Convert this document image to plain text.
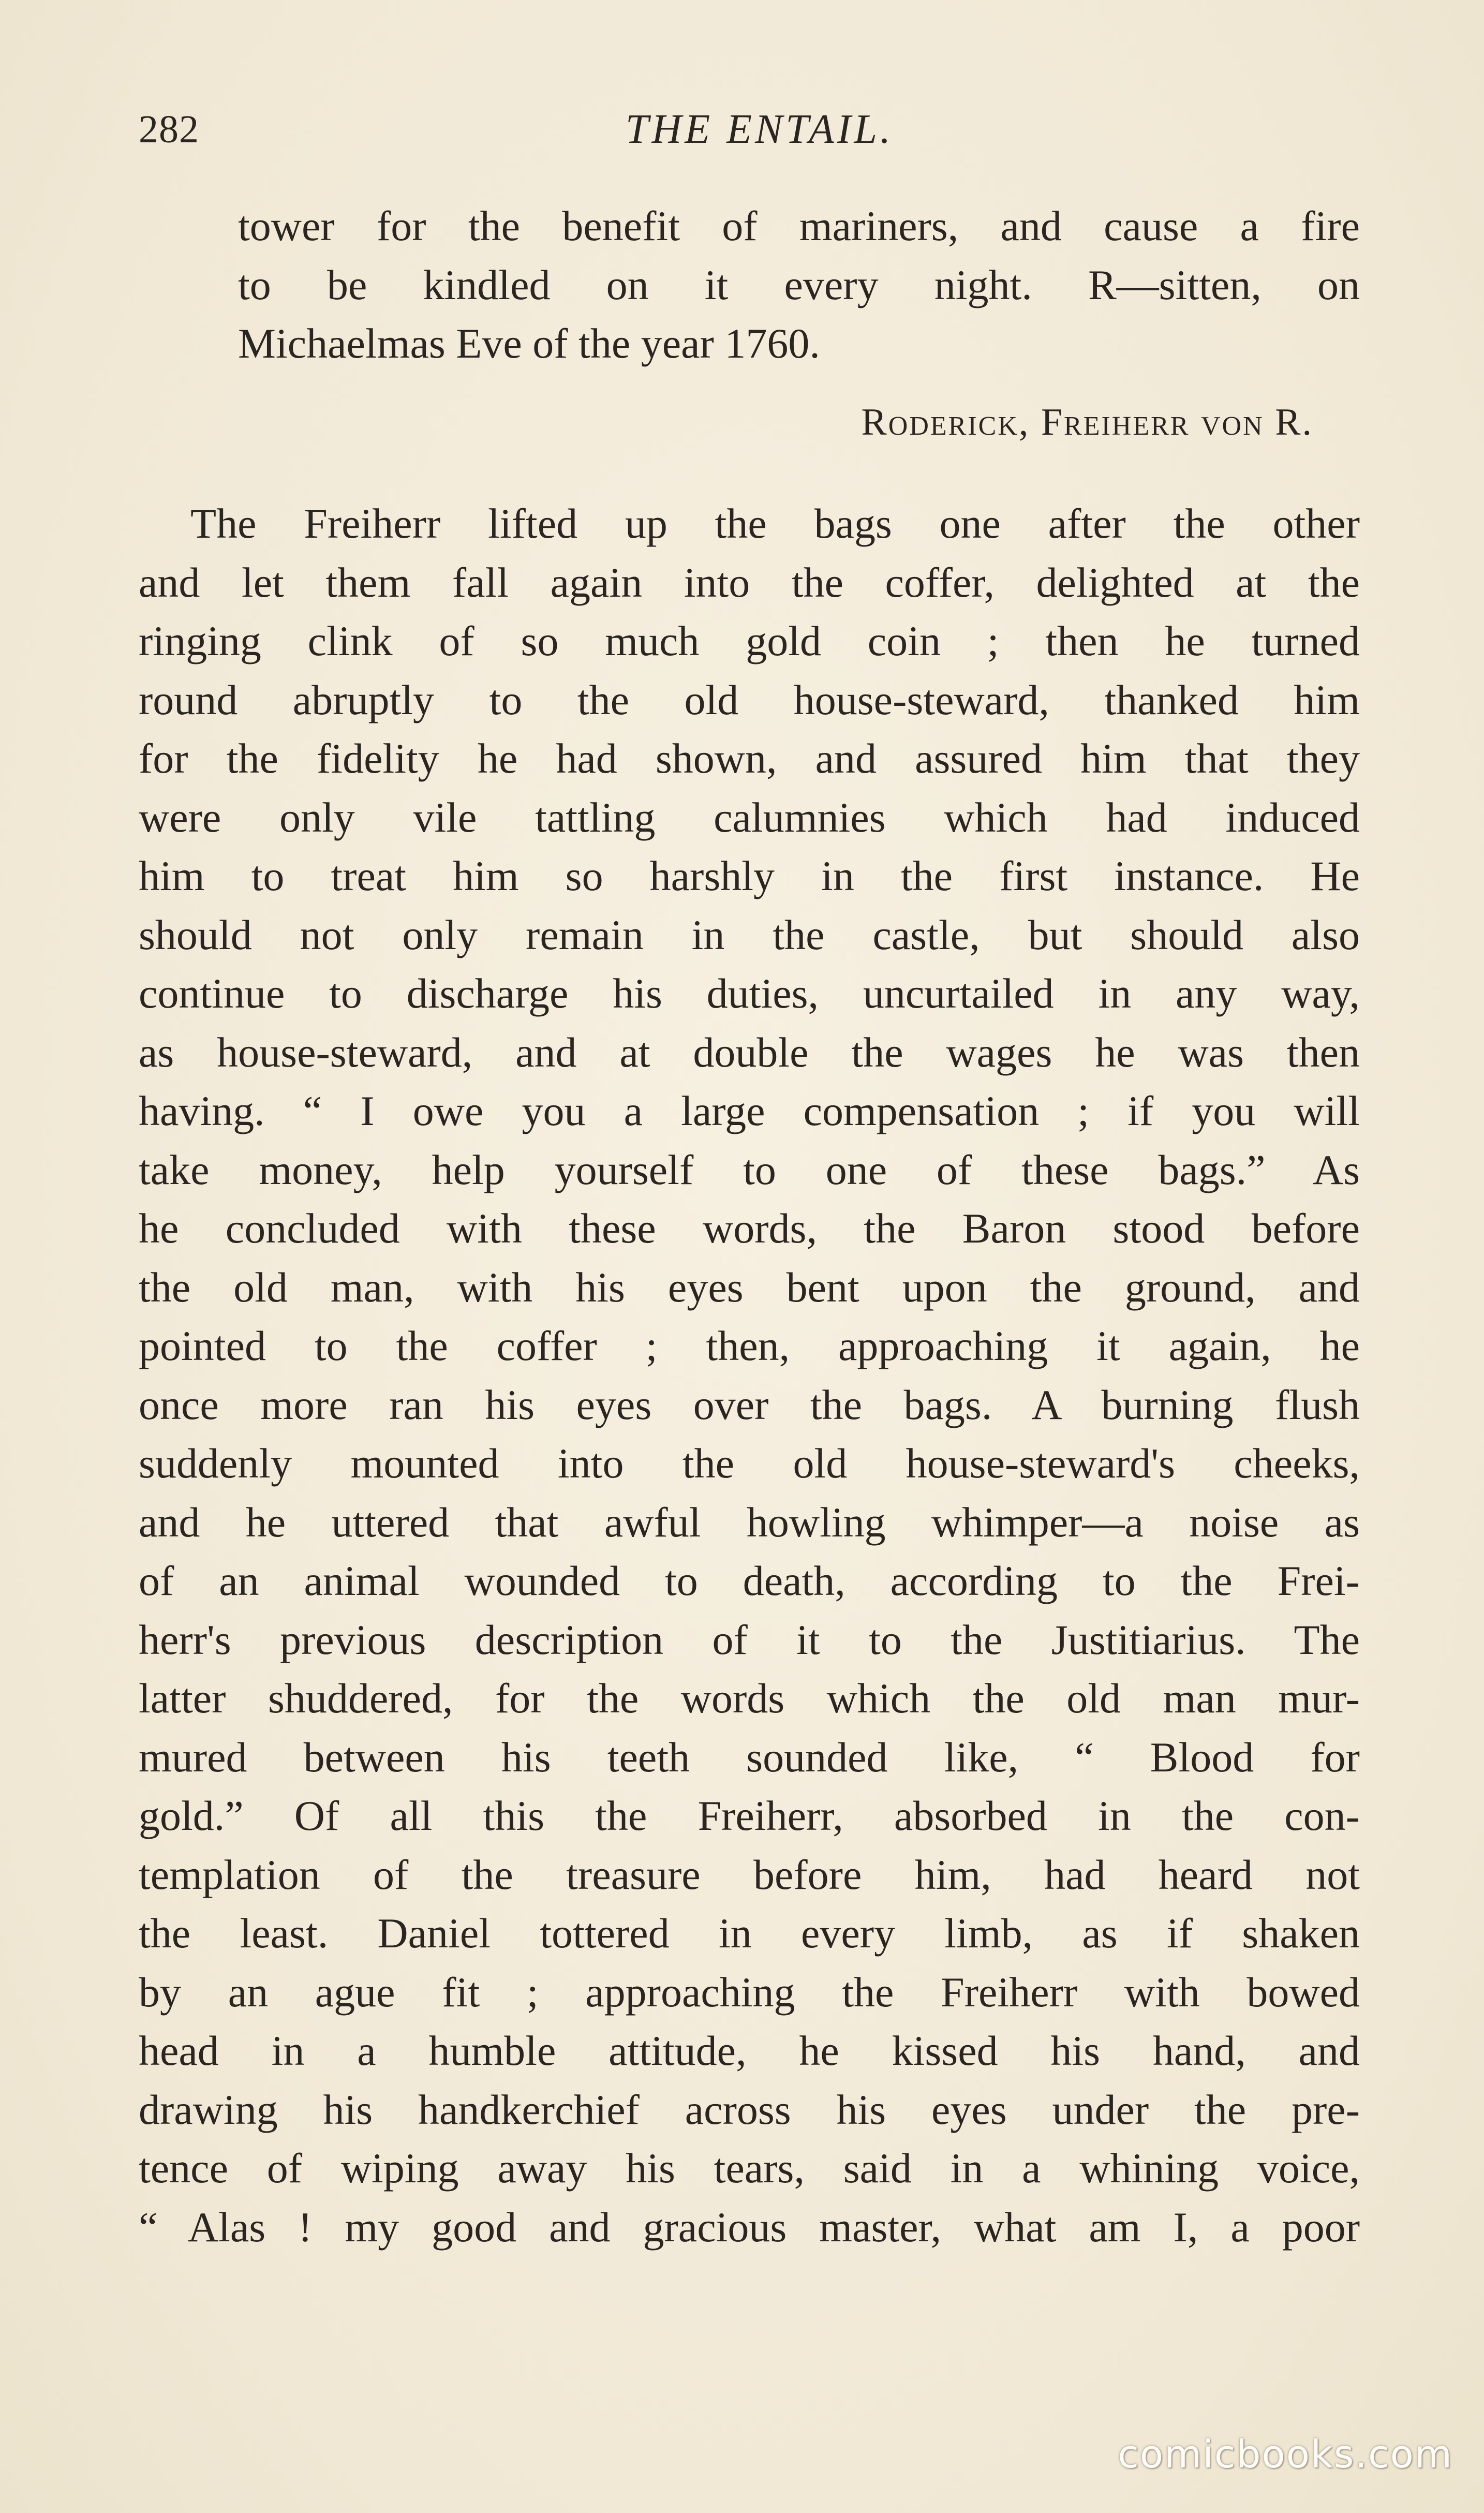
282	THE ENTAIL.
tower for the benefit of mariners, and cause a fire
to be kindled on it every night. R—sitten, on
Michaelmas Eve of the year 1760.
Roderick, Freiherr von R.
The Freiherr lifted up the bags one after the other
and let them fall again into the coffer, delighted at the
ringing clink of so much gold coin ; then he turned
round abruptly to the old house-steward, thanked him
for the fidelity he had shown, and assured him that they
were only vile tattling calumnies which had induced
him to treat him so harshly in the first instance. He
should not only remain in the castle, but should also
continue to discharge his duties, uncurtailed in any way,
as house-steward, and at double the wages he was then
having. “ I owe you a large compensation ; if you will
take money, help yourself to one of these bags.” As
he concluded with these words, the Baron stood before
the old man, with his eyes bent upon the ground, and
pointed to the coffer ; then, approaching it again, he
once more ran his eyes over the bags. A burning flush
suddenly mounted into the old house-steward's cheeks,
and he uttered that awful howling whimper—a noise as
of an animal wounded to death, according to the Frei-
herr's previous description of it to the Justitiarius. The
latter shuddered, for the words which the old man mur-
mured between his teeth sounded like, “ Blood for
gold.” Of all this the Freiherr, absorbed in the con-
templation of the treasure before him, had heard not
the least. Daniel tottered in every limb, as if shaken
by an ague fit ; approaching the Freiherr with bowed
head in a humble attitude, he kissed his hand, and
drawing his handkerchief across his eyes under the pre-
tence of wiping away his tears, said in a whining voice,
“ Alas ! my good and gracious master, what am I, a poor
comicbooks.com
